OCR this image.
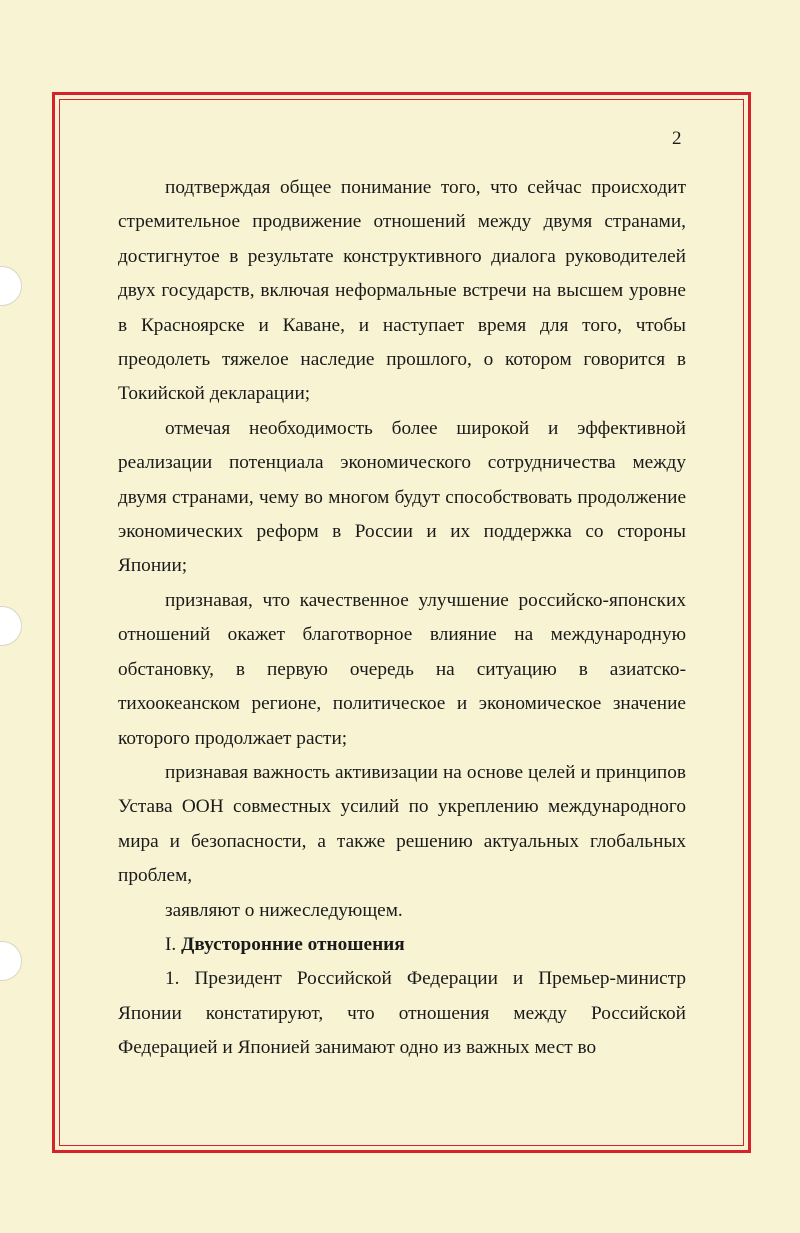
2

подтверждая общее понимание того, что сейчас происходит стремительное продвижение отношений между двумя странами, достигнутое в результате конструктивного диалога руководителей двух государств, включая неформальные встречи на высшем уровне в Красноярске и Каване, и наступает время для того, чтобы преодолеть тяжелое наследие прошлого, о котором говорится в Токийской декларации;

отмечая необходимость более широкой и эффективной реализации потенциала экономического сотрудничества между двумя странами, чему во многом будут способствовать продолжение экономических реформ в России и их поддержка со стороны Японии;

признавая, что качественное улучшение российско-японских отношений окажет благотворное влияние на международную обстановку, в первую очередь на ситуацию в азиатско-тихоокеанском регионе, политическое и экономическое значение которого продолжает расти;

признавая важность активизации на основе целей и принципов Устава ООН совместных усилий по укреплению международного мира и безопасности, а также решению актуальных глобальных проблем,

заявляют о нижеследующем.

I. Двусторонние отношения

1. Президент Российской Федерации и Премьер-министр Японии констатируют, что отношения между Российской Федерацией и Японией занимают одно из важных мест во
